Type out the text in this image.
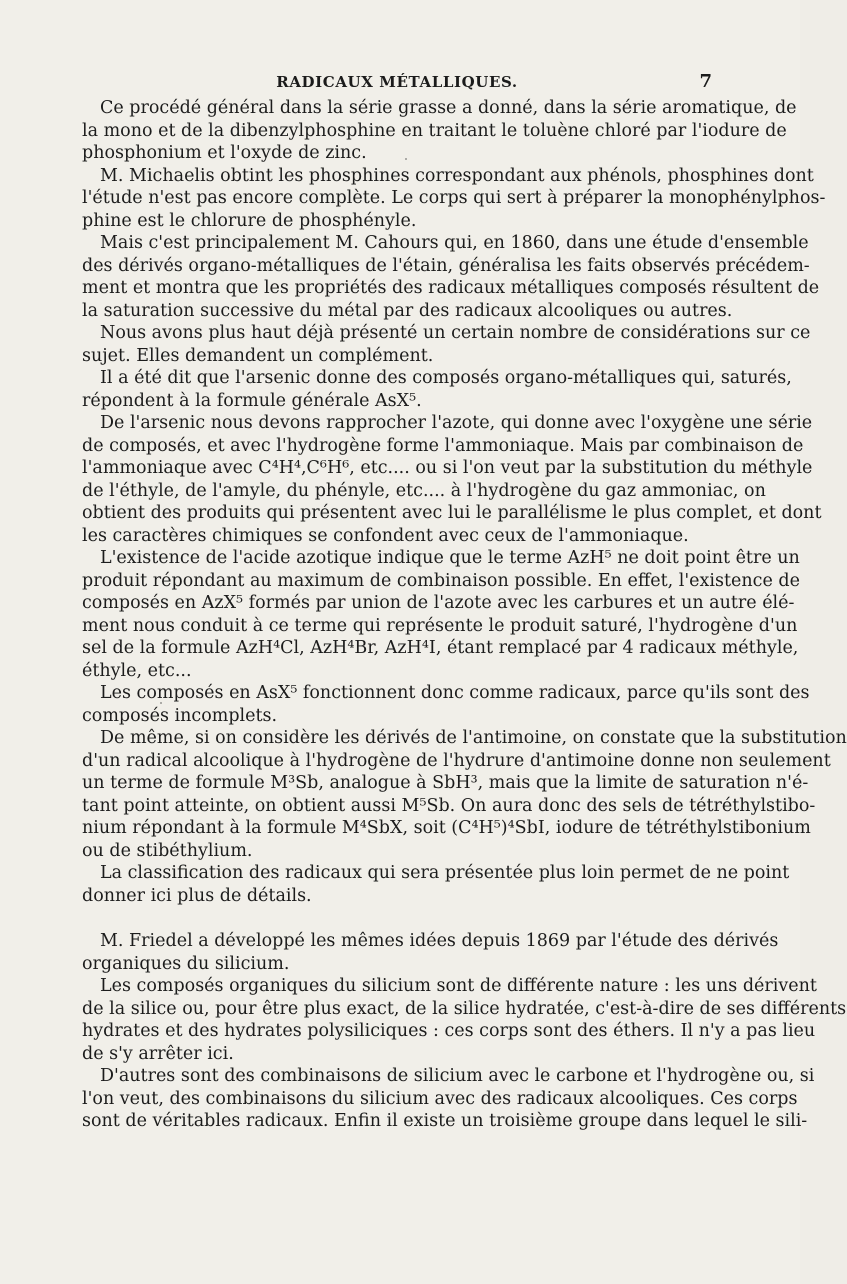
RADICAUX MÉTALLIQUES.	7
Ce procédé général dans la série grasse a donné, dans la série aromatique, de
la mono et de la dibenzylphosphine en traitant le toluène chloré par l'iodure de
phosphonium et l'oxyde de zinc.
M. Michaelis obtint les phosphines correspondant aux phénols, phosphines dont
l'étude n'est pas encore complète. Le corps qui sert à préparer la monophénylphos-
phine est le chlorure de phosphényle.
Mais c'est principalement M. Cahours qui, en 1860, dans une étude d'ensemble
des dérivés organo-métalliques de l'étain, généralisa les faits observés précédem-
ment et montra que les propriétés des radicaux métalliques composés résultent de
la saturation successive du métal par des radicaux alcooliques ou autres.
Nous avons plus haut déjà présenté un certain nombre de considérations sur ce
sujet. Elles demandent un complément.
Il a été dit que l'arsenic donne des composés organo-métalliques qui, saturés,
répondent à la formule générale AsX⁵.
De l'arsenic nous devons rapprocher l'azote, qui donne avec l'oxygène une série
de composés, et avec l'hydrogène forme l'ammoniaque. Mais par combinaison de
l'ammoniaque avec C⁴H⁴,C⁶H⁶, etc.... ou si l'on veut par la substitution du méthyle
de l'éthyle, de l'amyle, du phényle, etc.... à l'hydrogène du gaz ammoniac, on
obtient des produits qui présentent avec lui le parallélisme le plus complet, et dont
les caractères chimiques se confondent avec ceux de l'ammoniaque.
L'existence de l'acide azotique indique que le terme AzH⁵ ne doit point être un
produit répondant au maximum de combinaison possible. En effet, l'existence de
composés en AzX⁵ formés par union de l'azote avec les carbures et un autre élé-
ment nous conduit à ce terme qui représente le produit saturé, l'hydrogène d'un
sel de la formule AzH⁴Cl, AzH⁴Br, AzH⁴I, étant remplacé par 4 radicaux méthyle,
éthyle, etc...
Les composés en AsX⁵ fonctionnent donc comme radicaux, parce qu'ils sont des
composés incomplets.
De même, si on considère les dérivés de l'antimoine, on constate que la substitution
d'un radical alcoolique à l'hydrogène de l'hydrure d'antimoine donne non seulement
un terme de formule M³Sb, analogue à SbH³, mais que la limite de saturation n'é-
tant point atteinte, on obtient aussi M⁵Sb. On aura donc des sels de tétréthylstibo-
nium répondant à la formule M⁴SbX, soit (C⁴H⁵)⁴SbI, iodure de tétréthylstibonium
ou de stibéthylium.
La classification des radicaux qui sera présentée plus loin permet de ne point
donner ici plus de détails.
M. Friedel a développé les mêmes idées depuis 1869 par l'étude des dérivés
organiques du silicium.
Les composés organiques du silicium sont de différente nature : les uns dérivent
de la silice ou, pour être plus exact, de la silice hydratée, c'est-à-dire de ses différents
hydrates et des hydrates polysiliciques : ces corps sont des éthers. Il n'y a pas lieu
de s'y arrêter ici.
D'autres sont des combinaisons de silicium avec le carbone et l'hydrogène ou, si
l'on veut, des combinaisons du silicium avec des radicaux alcooliques. Ces corps
sont de véritables radicaux. Enfin il existe un troisième groupe dans lequel le sili-
